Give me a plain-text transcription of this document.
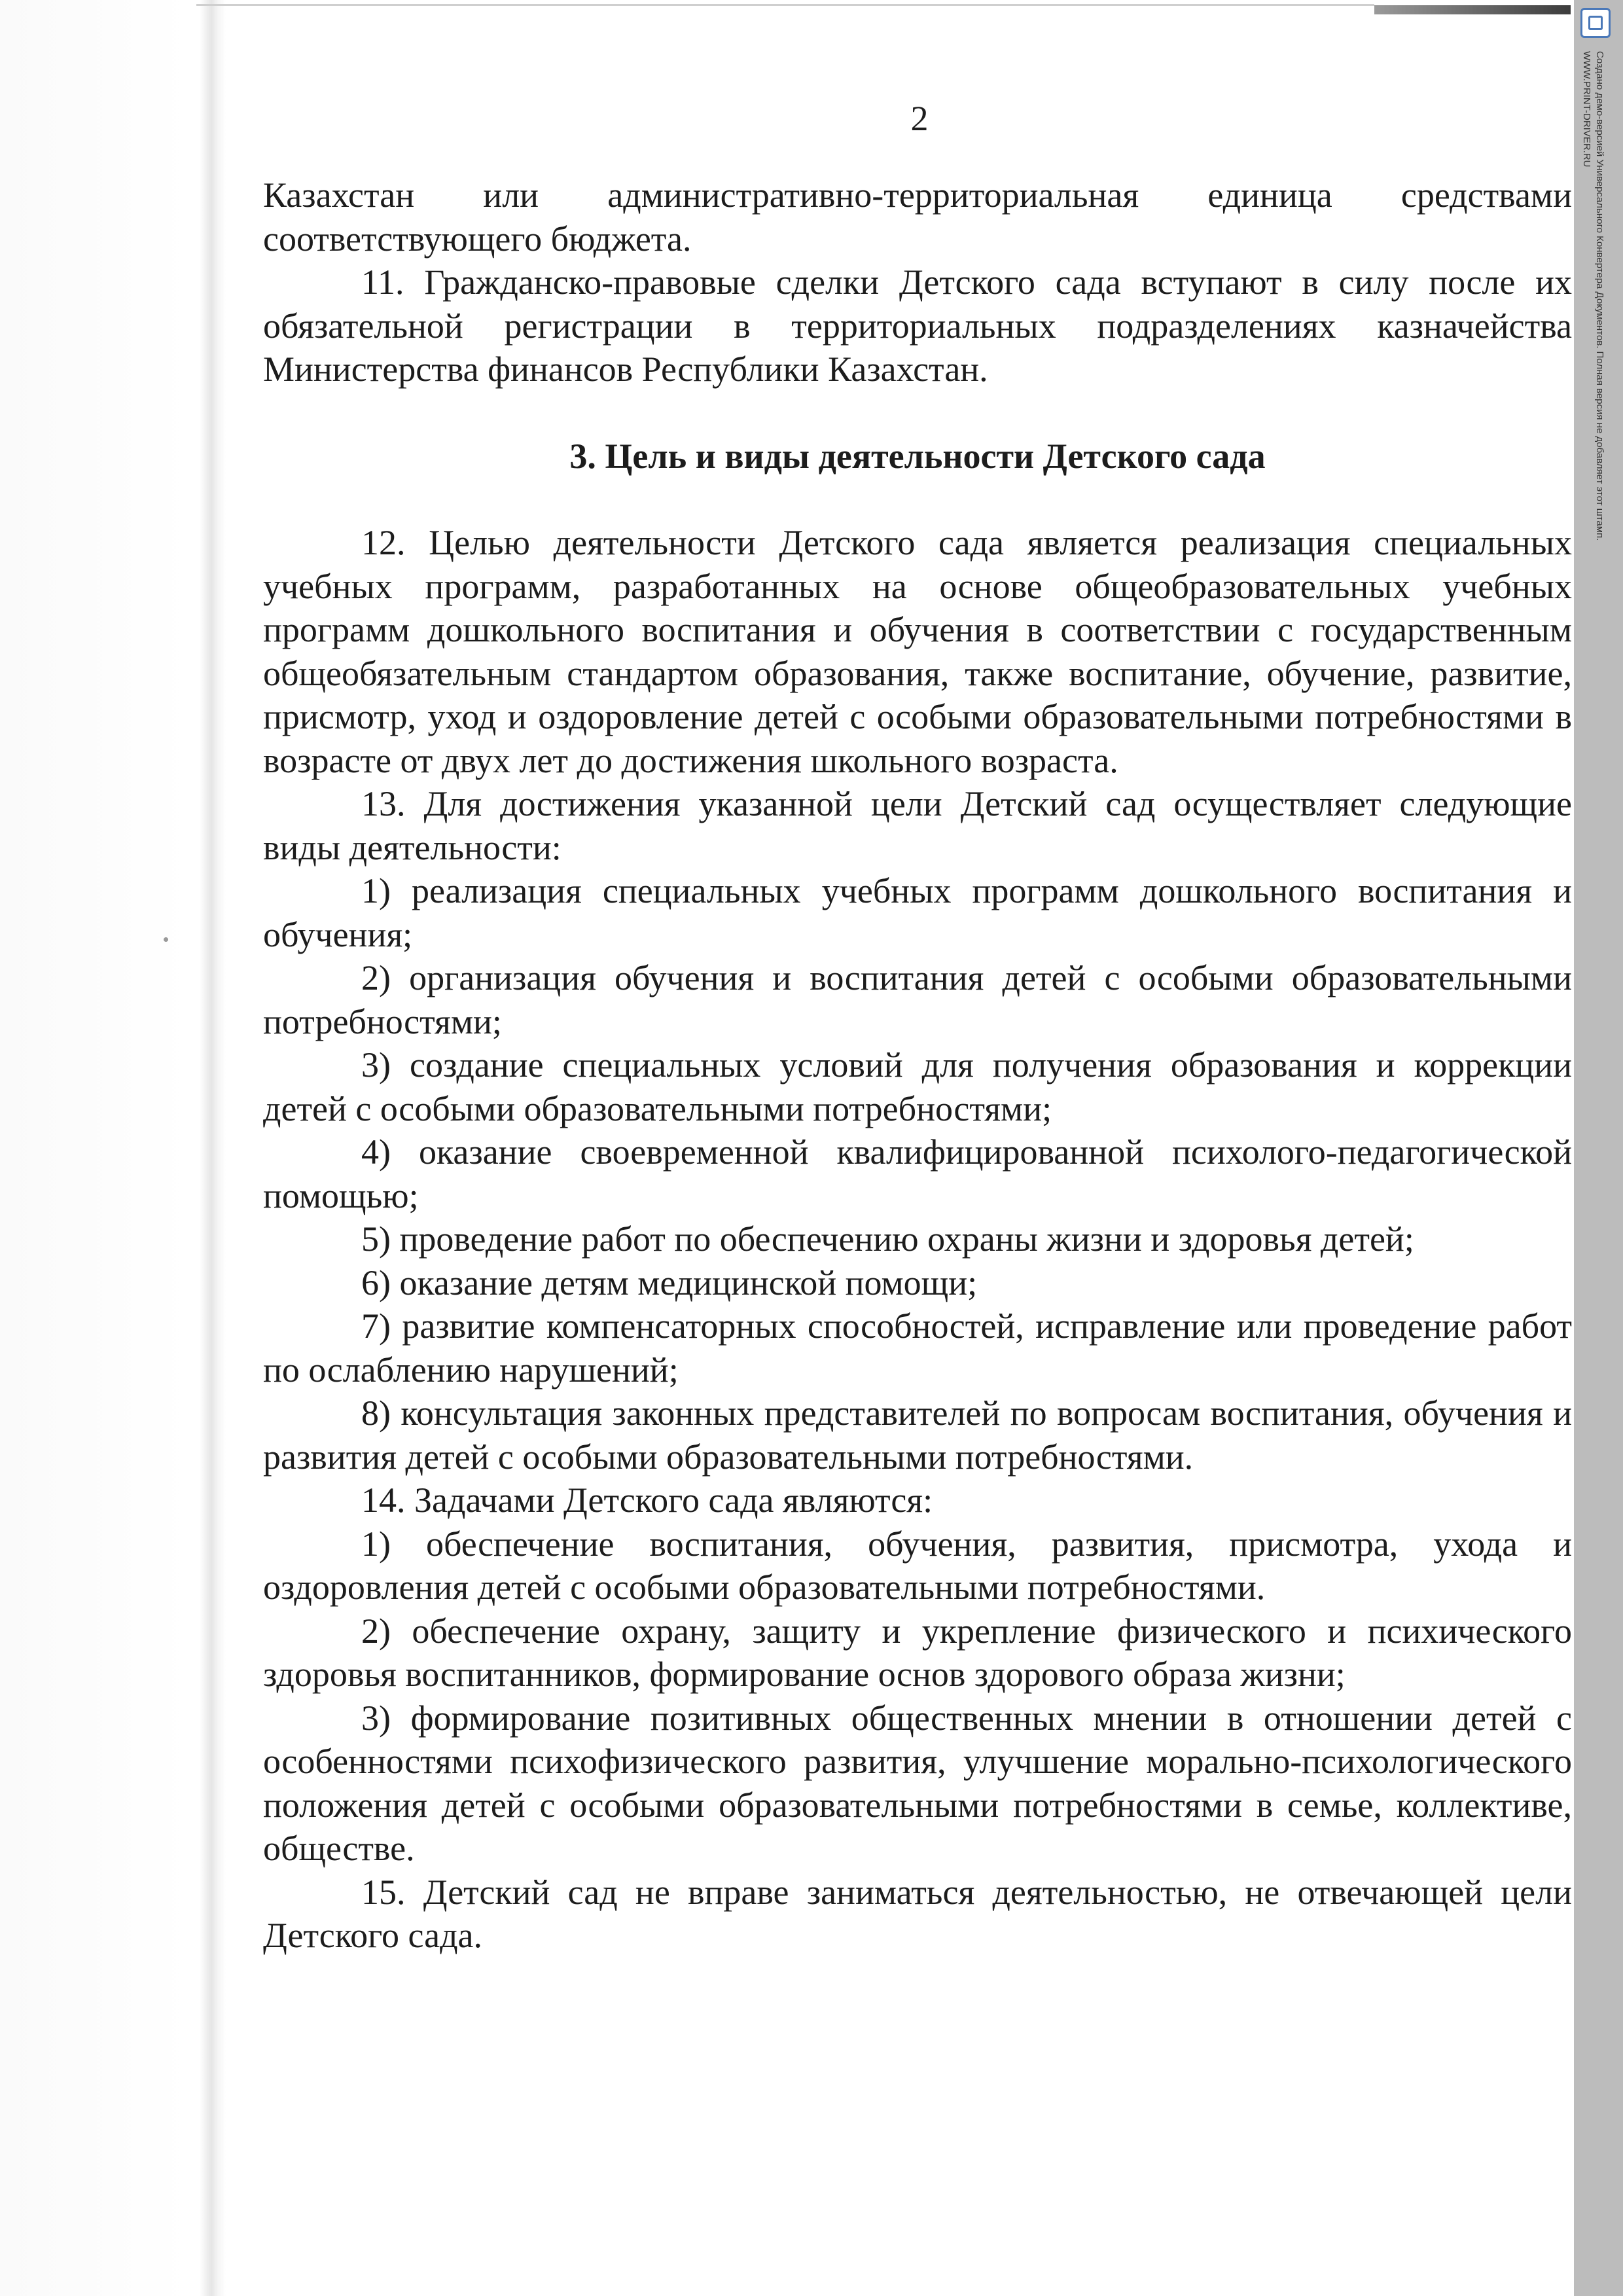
2

Казахстан или административно-территориальная единица средствами соответствующего бюджета.

11. Гражданско-правовые сделки Детского сада вступают в силу после их обязательной регистрации в территориальных подразделениях казначейства Министерства финансов Республики Казахстан.

3. Цель и виды деятельности Детского сада

12. Целью деятельности Детского сада является реализация специальных учебных программ, разработанных на основе общеобразовательных учебных программ дошкольного воспитания и обучения в соответствии с государственным общеобязательным стандартом образования, также воспитание, обучение, развитие, присмотр, уход и оздоровление детей с особыми образовательными потребностями в возрасте от двух лет до достижения школьного возраста.

13. Для достижения указанной цели Детский сад осуществляет следующие виды деятельности:

1) реализация специальных учебных программ дошкольного воспитания и обучения;

2) организация обучения и воспитания детей с особыми образовательными потребностями;

3) создание специальных условий для получения образования и коррекции детей с особыми образовательными потребностями;

4) оказание своевременной квалифицированной психолого-педагогической помощью;

5) проведение работ по обеспечению охраны жизни и здоровья детей;

6) оказание детям медицинской помощи;

7) развитие компенсаторных способностей, исправление или проведение работ по ослаблению нарушений;

8) консультация законных представителей по вопросам воспитания, обучения и развития детей с особыми образовательными потребностями.

14. Задачами Детского сада являются:

1) обеспечение воспитания, обучения, развития, присмотра, ухода и оздоровления детей с особыми образовательными потребностями.

2) обеспечение охрану, защиту и укрепление физического и психического здоровья воспитанников, формирование основ здорового образа жизни;

3) формирование позитивных общественных мнении в отношении детей с особенностями психофизического развития, улучшение морально-психологического положения детей с особыми образовательными потребностями в семье, коллективе, обществе.

15. Детский сад не вправе заниматься деятельностью, не отвечающей цели Детского сада.

Создано демо-версией Универсального Конвертера Документов. Полная версия не добавляет этот штамп.
WWW.PRINT-DRIVER.RU
